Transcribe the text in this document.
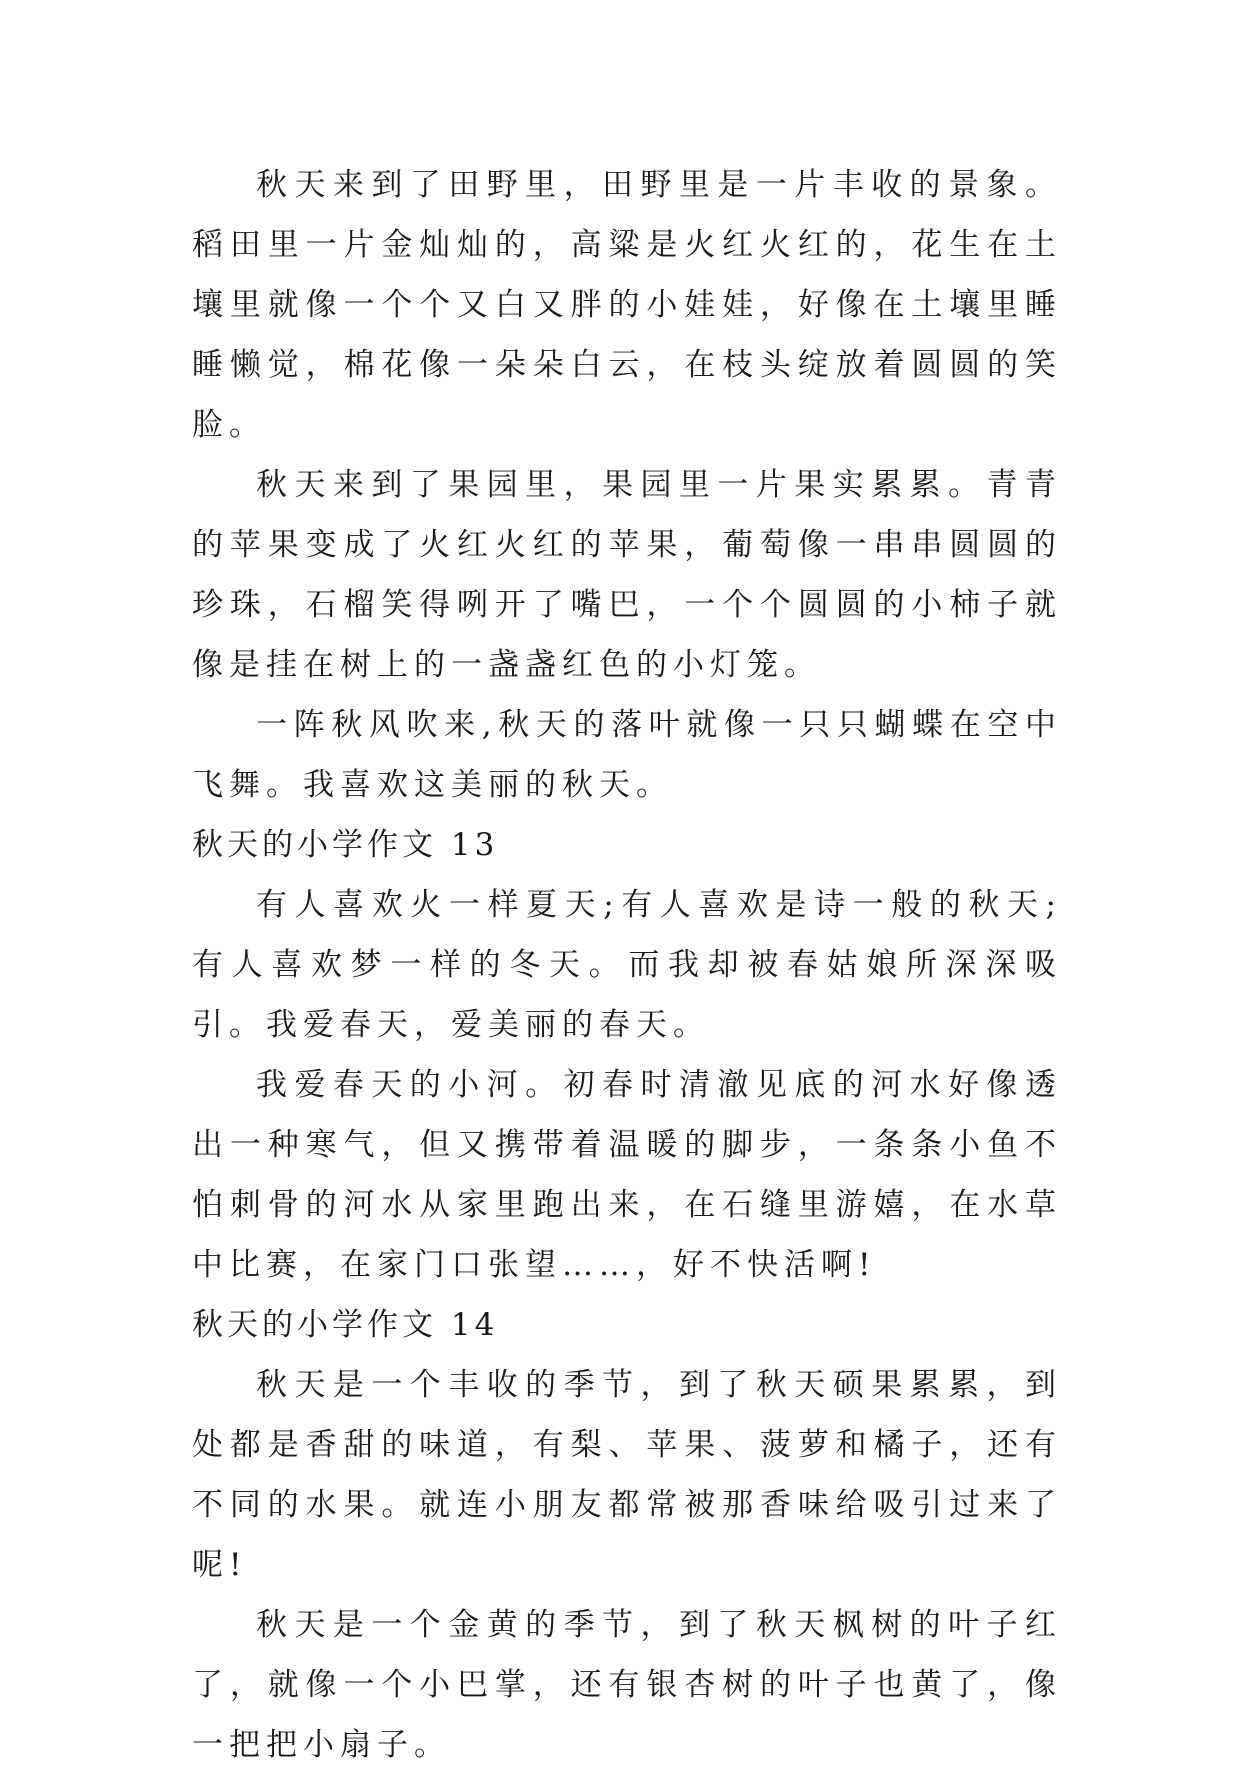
秋天来到了田野里，田野里是一片丰收的景象。稻田里一片金灿灿的，高粱是火红火红的，花生在土壤里就像一个个又白又胖的小娃娃，好像在土壤里睡睡懒觉，棉花像一朵朵白云，在枝头绽放着圆圆的笑脸。

秋天来到了果园里，果园里一片果实累累。青青的苹果变成了火红火红的苹果，葡萄像一串串圆圆的珍珠，石榴笑得咧开了嘴巴，一个个圆圆的小柿子就像是挂在树上的一盏盏红色的小灯笼。

一阵秋风吹来,秋天的落叶就像一只只蝴蝶在空中飞舞。我喜欢这美丽的秋天。

秋天的小学作文 13

有人喜欢火一样夏天;有人喜欢是诗一般的秋天;有人喜欢梦一样的冬天。而我却被春姑娘所深深吸引。我爱春天，爱美丽的春天。

我爱春天的小河。初春时清澈见底的河水好像透出一种寒气，但又携带着温暖的脚步，一条条小鱼不怕刺骨的河水从家里跑出来，在石缝里游嬉，在水草中比赛，在家门口张望……，好不快活啊!

秋天的小学作文 14

秋天是一个丰收的季节，到了秋天硕果累累，到处都是香甜的味道，有梨、苹果、菠萝和橘子，还有不同的水果。就连小朋友都常被那香味给吸引过来了呢!

秋天是一个金黄的季节，到了秋天枫树的叶子红了，就像一个小巴掌，还有银杏树的叶子也黄了，像一把把小扇子。
